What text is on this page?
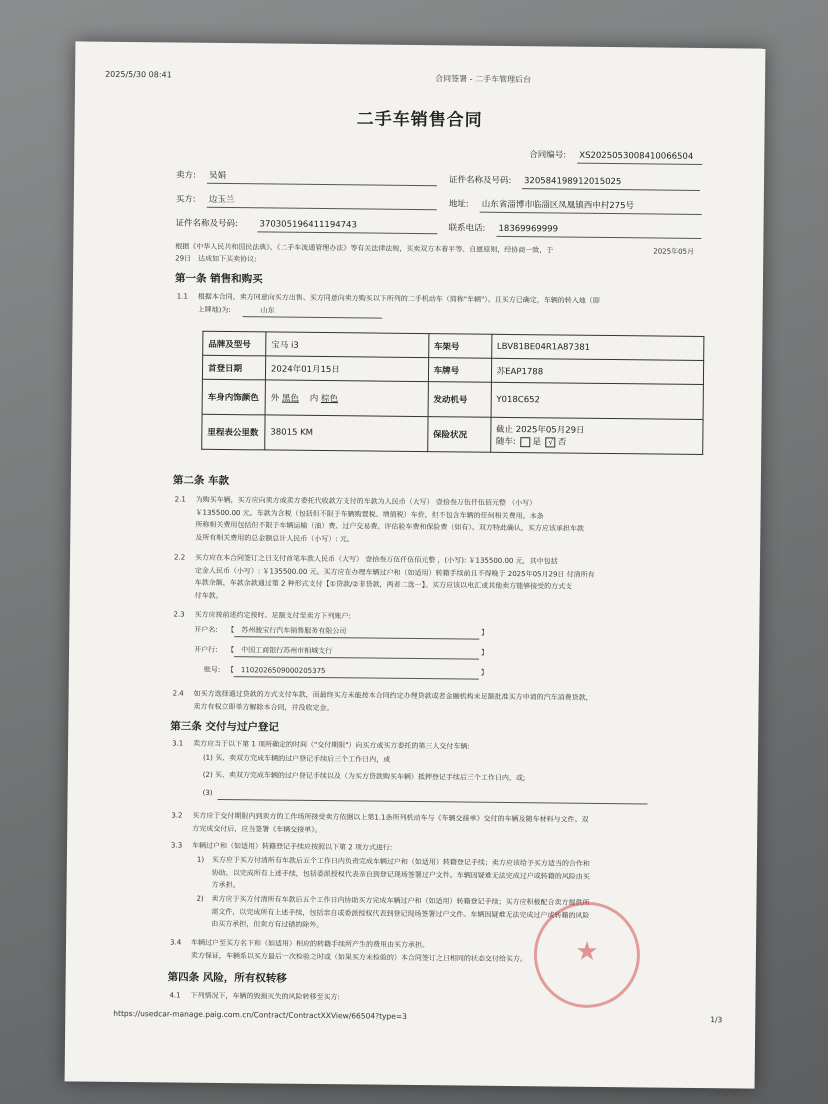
2025/5/30 08:41	合同签署 - 二手车管理后台
二手车销售合同
合同编号: XS2025053008410066504
卖方: 吴娟	证件名称及号码: 320584198912015025
买方: 边玉兰	地址: 山东省淄博市临淄区凤凰镇西申村275号
证件名称及号码:	370305196411194743	联系电话: 18369969999
根据《中华人民共和国民法典》、《二手车流通管理办法》等有关法律法规，买卖双方本着平等、自愿原则，经协商一致，于	2025年05月
29日 达成如下买卖协议:
第一条 销售和购买
1.1 根据本合同，卖方同意向买方出售、买方同意向卖方购买以下所列的二手机动车（简称"车辆"）。且买方已确定，车辆的转入地（即
上牌地)为:	山东
品牌及型号	宝马 i3	车架号	LBV81BE04R1A87381
首登日期	2024年01月15日	车牌号	苏EAP1788
车身内饰颜色	外 黑色 内 棕色	发动机号	Y018C652
里程表公里数	38015 KM	保险状况	截止 2025年05月29日
随车: 是 √ 否
第二条 车款
2.1 为购买车辆，买方应向卖方或卖方委托代收款方支付的车款为人民币（大写） 壹拾叁万伍仟伍佰元整 （小写）
￥135500.00 元。车款为含税（包括但不限于车辆购置税、增值税）车价，但不包含车辆的任何相关费用。本条
所称相关费用包括但不限于车辆运输（油）费、过户交易费、评估验车费和保险费（如有）。双方特此确认，买方应该承担车款
及所有相关费用的总金额总计人民币（小写）: 元。
2.2 买方应在本合同签订之日支付首笔车款人民币（大写） 壹拾叁万伍仟伍佰元整 ，(小写): ￥135500.00 元，其中包括
定金人民币（小写）: ￥135500.00 元。买方应在办理车辆过户和（如适用）转籍手续前且不得晚于 2025年05月29日 付清所有
车款余额，车款余款通过第 2 种形式支付【①贷款/②非贷款，两者二选一】。买方应该以电汇或其他卖方能够接受的方式支
付车款。
2.3 买方应按前述约定按时、足额支付至卖方下列账户:
开户名: 【 苏州骏宝行汽车销售服务有限公司	】
开户行: 【 中国工商银行苏州市相城支行	】
账号: 【 1102026509000205375	】
2.4 如买方选择通过贷款的方式支付车款，而最终买方未能按本合同约定办理贷款或者金融机构未足额批准买方申请的汽车消费贷款，
卖方有权立即单方解除本合同，并没收定金。
第三条 交付与过户登记
3.1 卖方应当于以下第 1 项所确定的时间（"交付期限"）向买方或买方委托的第三人交付车辆:
(1) 买、卖双方完成车辆的过户登记手续后三个工作日内，或
(2) 买、卖双方完成车辆的过户登记手续以及（为买方贷款购买车辆）抵押登记手续后三个工作日内，或;
(3)
3.2 买方应于交付期限内到卖方的工作场所接受卖方依据以上第1.1条所列机动车与《车辆交接单》交付的车辆及随车材料与文件。双
方完成交付后，应当签署《车辆交接单》。
3.3 车辆过户和（如适用）转籍登记手续应按照以下第 2 项方式进行:
1) 买方应于买方付清所有车款后五个工作日内负责完成车辆过户和（如适用）转籍登记手续；卖方应该给予买方适当的合作和
协助，以完成所有上述手续，包括委派授权代表亲自到登记现场签署过户文件。车辆因疑难无法完成过户或转籍的风险由买
方承担。
2) 卖方应于买方付清所有车款后五个工作日内协助买方完成车辆过户和（如适用）转籍登记手续；买方应积极配合卖方提供所
需文件，以完成所有上述手续，包括亲自或委派授权代表到登记现场签署过户文件。车辆因疑难无法完成过户或转籍的风险
由买方承担，但卖方有过错的除外。
3.4 车辆过户至买方名下和（如适用）相应的转籍手续所产生的费用由买方承担。
卖方保证，车辆系以买方最后一次检验之时或（如果买方未检验的）本合同签订之日相同的状态交付给买方。	★
第四条 风险，所有权转移
4.1 下列情况下，车辆的毁损灭失的风险转移至买方:
https://usedcar-manage.paig.com.cn/Contract/ContractXXView/66504?type=3	1/3
